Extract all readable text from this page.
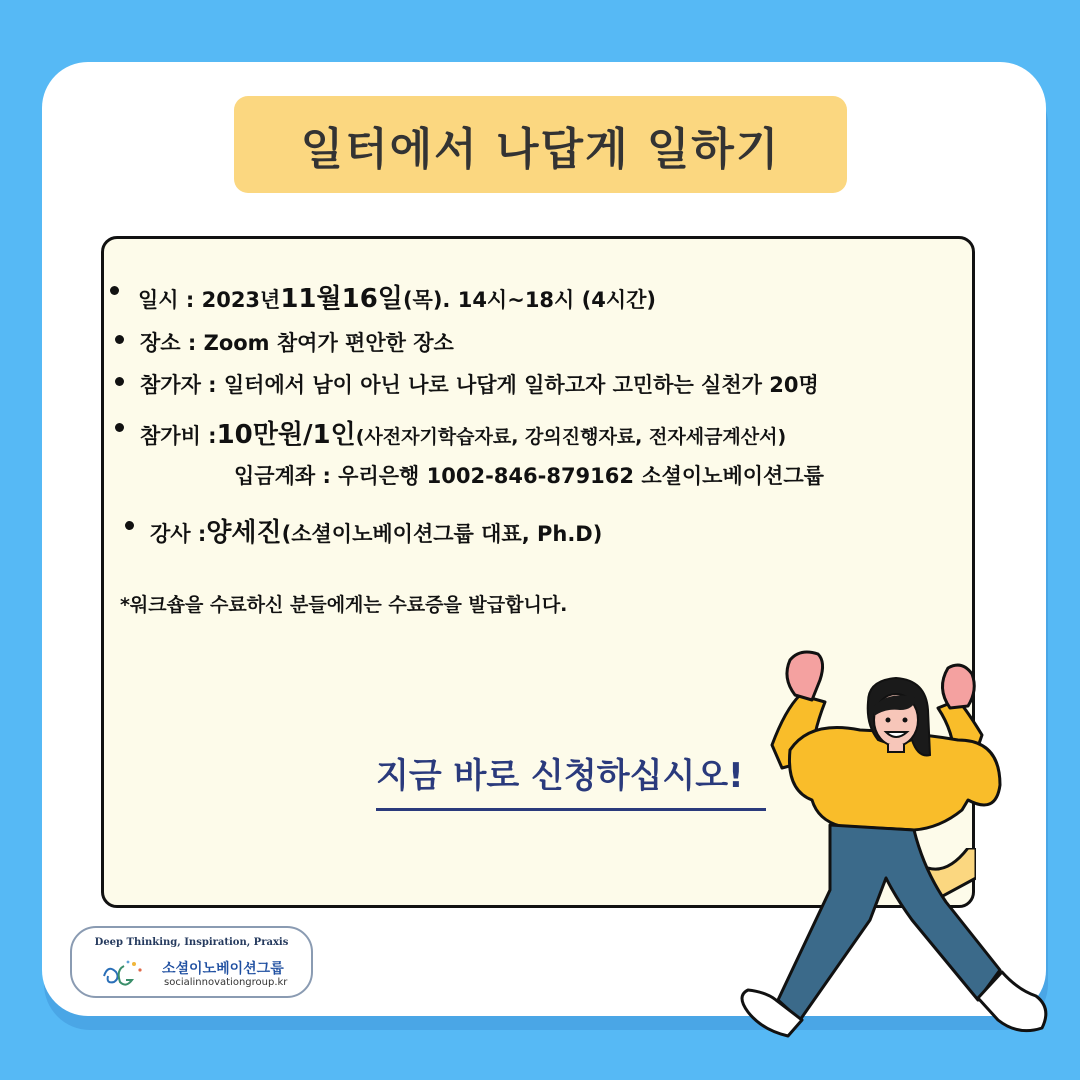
일터에서 나답게 일하기
일시 : 2023년 11월16일 (목). 14시~18시 (4시간)
장소 : Zoom 참여가 편안한 장소
참가자 : 일터에서 남이 아닌 나로 나답게 일하고자 고민하는 실천가 20명
참가비 : 10만원/1인 (사전자기학습자료, 강의진행자료, 전자세금계산서)
입금계좌 : 우리은행 1002-846-879162 소셜이노베이션그룹
강사 : 양세진 (소셜이노베이션그룹 대표, Ph.D)
*워크숍을 수료하신 분들에게는 수료증을 발급합니다.
지금 바로 신청하십시오!
Deep Thinking, Inspiration, Praxis
소셜이노베이션그룹
socialinnovationgroup.kr
